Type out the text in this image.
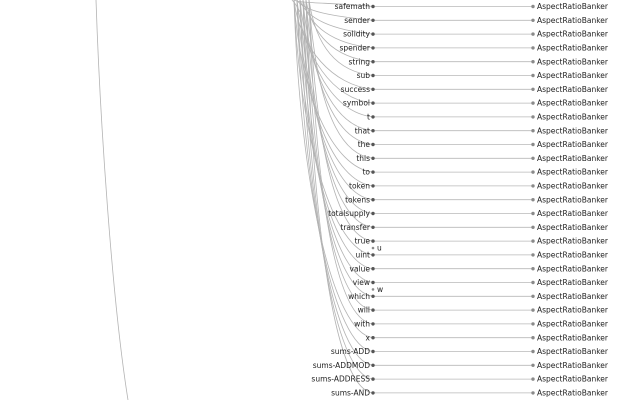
safemath	AspectRatioBanker
sender	AspectRatioBanker
solidity	AspectRatioBanker
spender	AspectRatioBanker
string	AspectRatioBanker
sub	AspectRatioBanker
success	AspectRatioBanker
symbol	AspectRatioBanker
t	AspectRatioBanker
that	AspectRatioBanker
the	AspectRatioBanker
this	AspectRatioBanker
to	AspectRatioBanker
token	AspectRatioBanker
tokens	AspectRatioBanker
totalsupply	AspectRatioBanker
transfer	AspectRatioBanker
true	AspectRatioBanker
uint	AspectRatioBanker
value	AspectRatioBanker
view	AspectRatioBanker
which	AspectRatioBanker
will	AspectRatioBanker
with	AspectRatioBanker
x	AspectRatioBanker
sums-ADD	AspectRatioBanker
sums-ADDMOD	AspectRatioBanker
sums-ADDRESS	AspectRatioBanker
sums-AND	AspectRatioBanker
u
w
